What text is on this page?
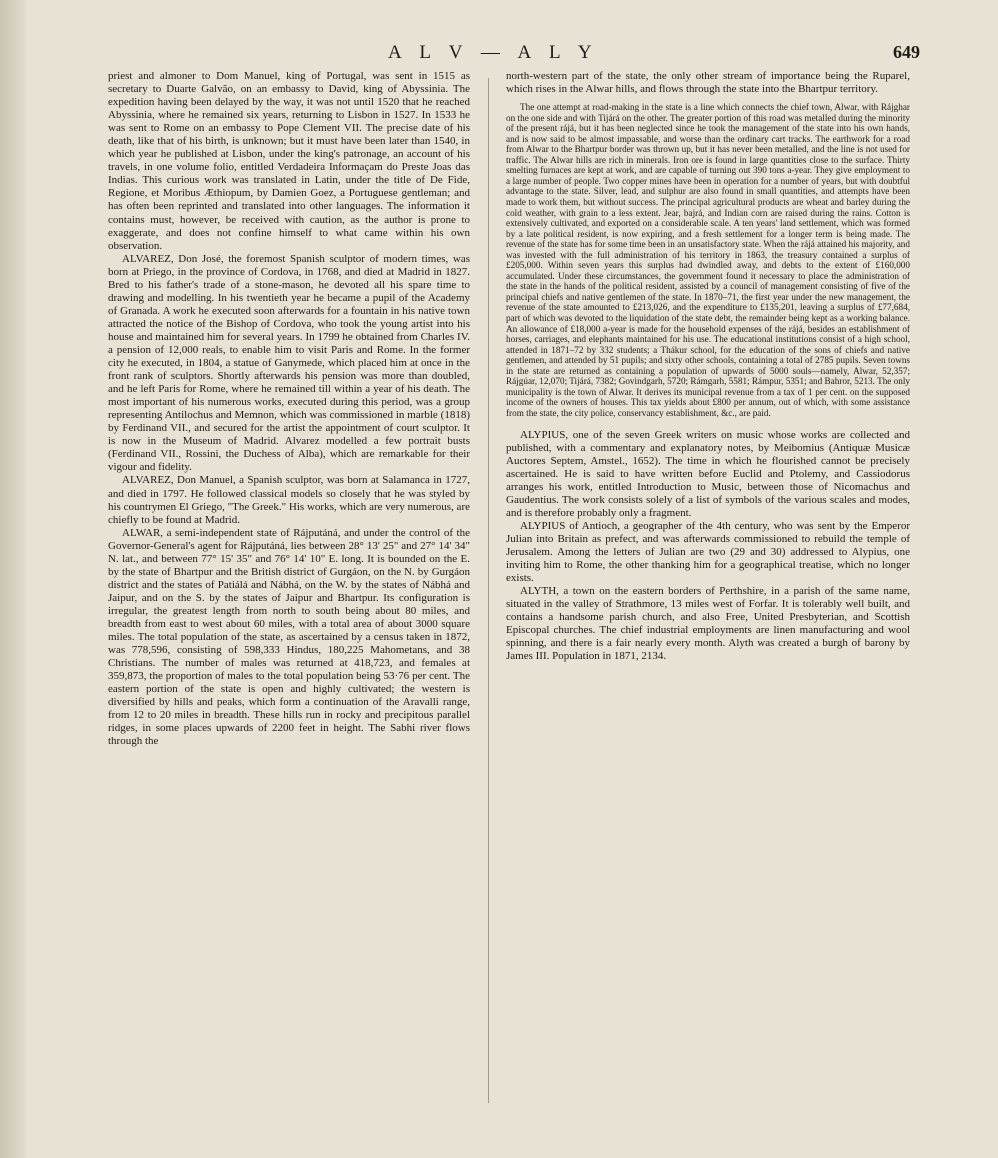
A L V — A L Y	649

priest and almoner to Dom Manuel, king of Portugal, was sent in 1515 as secretary to Duarte Galvão, on an embassy to David, king of Abyssinia. The expedition having been delayed by the way, it was not until 1520 that he reached Abyssinia, where he remained six years, returning to Lisbon in 1527. In 1533 he was sent to Rome on an embassy to Pope Clement VII. The precise date of his death, like that of his birth, is unknown; but it must have been later than 1540, in which year he published at Lisbon, under the king's patronage, an account of his travels, in one volume folio, entitled Verdadeira Informaçam do Preste Joas das Indias. This curious work was translated in Latin, under the title of De Fide, Regione, et Moribus Æthiopum, by Damien Goez, a Portuguese gentleman; and has often been reprinted and translated into other languages. The information it contains must, however, be received with caution, as the author is prone to exaggerate, and does not confine himself to what came within his own observation.

ALVAREZ, Don José, the foremost Spanish sculptor of modern times, was born at Priego, in the province of Cordova, in 1768, and died at Madrid in 1827. Bred to his father's trade of a stone-mason, he devoted all his spare time to drawing and modelling. In his twentieth year he became a pupil of the Academy of Granada. A work he executed soon afterwards for a fountain in his native town attracted the notice of the Bishop of Cordova, who took the young artist into his house and maintained him for several years. In 1799 he obtained from Charles IV. a pension of 12,000 reals, to enable him to visit Paris and Rome. In the former city he executed, in 1804, a statue of Ganymede, which placed him at once in the front rank of sculptors. Shortly afterwards his pension was more than doubled, and he left Paris for Rome, where he remained till within a year of his death. The most important of his numerous works, executed during this period, was a group representing Antilochus and Memnon, which was commissioned in marble (1818) by Ferdinand VII., and secured for the artist the appointment of court sculptor. It is now in the Museum of Madrid. Alvarez modelled a few portrait busts (Ferdinand VII., Rossini, the Duchess of Alba), which are remarkable for their vigour and fidelity.

ALVAREZ, Don Manuel, a Spanish sculptor, was born at Salamanca in 1727, and died in 1797. He followed classical models so closely that he was styled by his countrymen El Griego, "The Greek." His works, which are very numerous, are chiefly to be found at Madrid.

ALWAR, a semi-independent state of Rájputáná, and under the control of the Governor-General's agent for Rájputáná, lies between 28° 13' 25" and 27° 14' 34" N. lat., and between 77° 15' 35" and 76° 14' 10" E. long. It is bounded on the E. by the state of Bhartpur and the British district of Gurgáon, on the N. by Gurgáon district and the states of Patiálá and Nábhá, on the W. by the states of Nábhá and Jaipur, and on the S. by the states of Jaipur and Bhartpur. Its configuration is irregular, the greatest length from north to south being about 80 miles, and breadth from east to west about 60 miles, with a total area of about 3000 square miles. The total population of the state, as ascertained by a census taken in 1872, was 778,596, consisting of 598,333 Hindus, 180,225 Mahometans, and 38 Christians. The number of males was returned at 418,723, and females at 359,873, the proportion of males to the total population being 53·76 per cent. The eastern portion of the state is open and highly cultivated; the western is diversified by hills and peaks, which form a continuation of the Aravalli range, from 12 to 20 miles in breadth. These hills run in rocky and precipitous parallel ridges, in some places upwards of 2200 feet in height. The Sabhi river flows through the

north-western part of the state, the only other stream of importance being the Ruparel, which rises in the Alwar hills, and flows through the state into the Bhartpur territory.

The one attempt at road-making in the state is a line which connects the chief town, Alwar, with Rájghar on the one side and with Tijárá on the other. The greater portion of this road was metalled during the minority of the present rájá, but it has been neglected since he took the management of the state into his own hands, and is now said to be almost impassable, and worse than the ordinary cart tracks. The earthwork for a road from Alwar to the Bhartpur border was thrown up, but it has never been metalled, and the line is not used for traffic. The Alwar hills are rich in minerals. Iron ore is found in large quantities close to the surface. Thirty smelting furnaces are kept at work, and are capable of turning out 390 tons a-year. They give employment to a large number of people. Two copper mines have been in operation for a number of years, but with doubtful advantage to the state. Silver, lead, and sulphur are also found in small quantities, and attempts have been made to work them, but without success. The principal agricultural products are wheat and barley during the cold weather, with grain to a less extent. Jear, bajrá, and Indian corn are raised during the rains. Cotton is extensively cultivated, and exported on a considerable scale. A ten years' land settlement, which was formed by a late political resident, is now expiring, and a fresh settlement for a longer term is being made. The revenue of the state has for some time been in an unsatisfactory state. When the rájá attained his majority, and was invested with the full administration of his territory in 1863, the treasury contained a surplus of £205,000. Within seven years this surplus had dwindled away, and debts to the extent of £160,000 accumulated. Under these circumstances, the government found it necessary to place the administration of the state in the hands of the political resident, assisted by a council of management consisting of five of the principal chiefs and native gentlemen of the state. In 1870–71, the first year under the new management, the revenue of the state amounted to £213,026, and the expenditure to £135,201, leaving a surplus of £77,684, part of which was devoted to the liquidation of the state debt, the remainder being kept as a working balance. An allowance of £18,000 a-year is made for the household expenses of the rájá, besides an establishment of horses, carriages, and elephants maintained for his use. The educational institutions consist of a high school, attended in 1871–72 by 332 students; a Thákur school, for the education of the sons of chiefs and native gentlemen, and attended by 51 pupils; and sixty other schools, containing a total of 2785 pupils. Seven towns in the state are returned as containing a population of upwards of 5000 souls—namely, Alwar, 52,357; Rájgúar, 12,070; Tijárá, 7382; Govindgarh, 5720; Rámgarh, 5581; Rámpur, 5351; and Bahror, 5213. The only municipality is the town of Alwar. It derives its municipal revenue from a tax of 1 per cent. on the supposed income of the owners of houses. This tax yields about £800 per annum, out of which, with some assistance from the state, the city police, conservancy establishment, &c., are paid.

ALYPIUS, one of the seven Greek writers on music whose works are collected and published, with a commentary and explanatory notes, by Meibomius (Antiquæ Musicæ Auctores Septem, Amstel., 1652). The time in which he flourished cannot be precisely ascertained. He is said to have written before Euclid and Ptolemy, and Cassiodorus arranges his work, entitled Introduction to Music, between those of Nicomachus and Gaudentius. The work consists solely of a list of symbols of the various scales and modes, and is therefore probably only a fragment.

ALYPIUS of Antioch, a geographer of the 4th century, who was sent by the Emperor Julian into Britain as prefect, and was afterwards commissioned to rebuild the temple of Jerusalem. Among the letters of Julian are two (29 and 30) addressed to Alypius, one inviting him to Rome, the other thanking him for a geographical treatise, which no longer exists.

ALYTH, a town on the eastern borders of Perthshire, in a parish of the same name, situated in the valley of Strathmore, 13 miles west of Forfar. It is tolerably well built, and contains a handsome parish church, and also Free, United Presbyterian, and Scottish Episcopal churches. The chief industrial employments are linen manufacturing and wool spinning, and there is a fair nearly every month. Alyth was created a burgh of barony by James III. Population in 1871, 2134.
